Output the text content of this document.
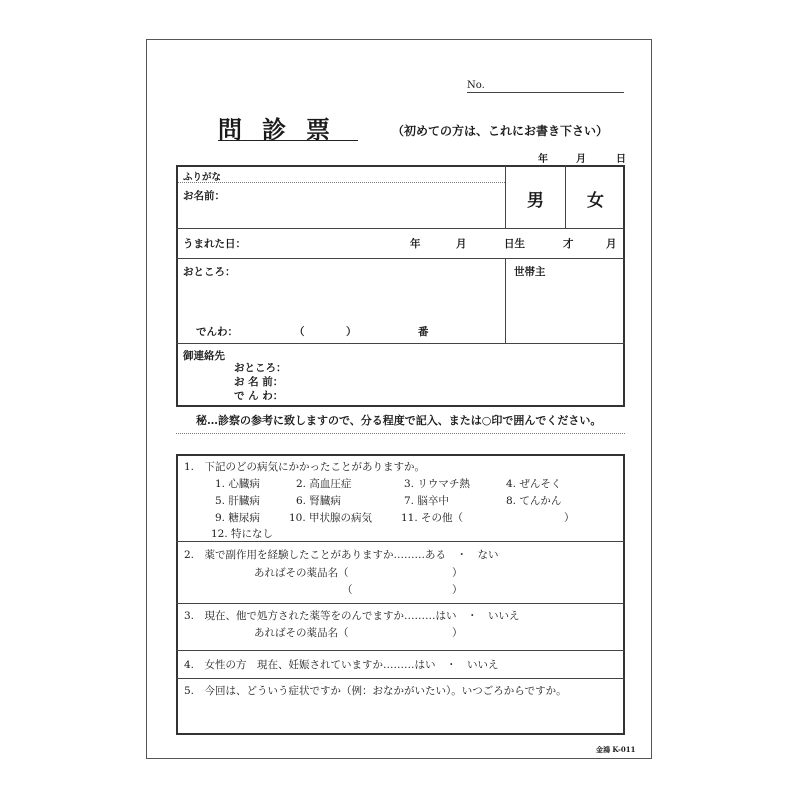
No.
問診票	（初めての方は、これにお書き下さい）
年	月	日
ふりがな
お名前：	男	女
うまれた日：	年	月	日生	才	月
おところ：	世帯主
でんわ：	（	）	番
御連絡先
おところ：
お 名 前：
で ん わ：
秘…診察の参考に致しますので、分る程度で記入、または○印で囲んでください。
1.　下記のどの病気にかかったことがありますか。
1. 心臓病	2. 高血圧症	3. リウマチ熱	4. ぜんそく
5. 肝臓病	6. 腎臓病	7. 脳卒中	8. てんかん
9. 糖尿病	10. 甲状腺の病気	11. その他（	）
12. 特になし
2.　薬で副作用を経験したことがありますか………ある　・　ない
あればその薬品名（	）
（	）
3.　現在、他で処方された薬等をのんでますか………はい　・　いいえ
あればその薬品名（	）
4.　女性の方　現在、妊娠されていますか………はい　・　いいえ
5.　今回は、どういう症状ですか（例：おなかがいたい）。いつごろからですか。
金鴻 K-011
